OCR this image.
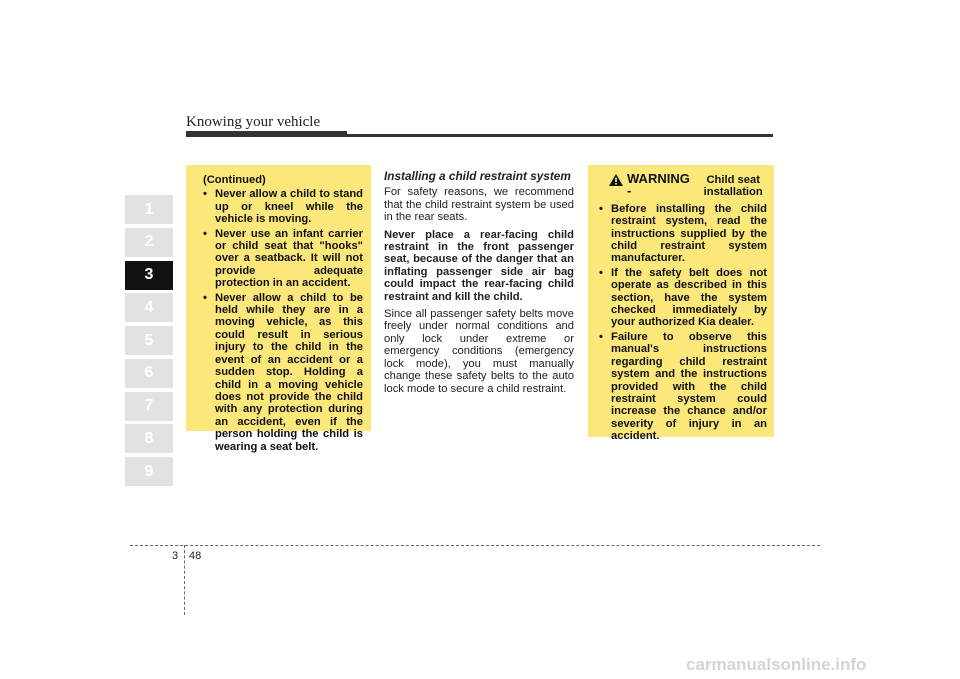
Knowing your vehicle
1
2
3
4
5
6
7
8
9

(Continued)

• Never allow a child to stand up or kneel while the vehicle is moving.
• Never use an infant carrier or child seat that "hooks" over a seatback. It will not provide adequate protection in an accident.
• Never allow a child to be held while they are in a moving vehicle, as this could result in serious injury to the child in the event of an accident or a sudden stop. Holding a child in a moving vehicle does not provide the child with any protection during an accident, even if the person holding the child is wearing a seat belt.

Installing a child restraint system

For safety reasons, we recommend that the child restraint system be used in the rear seats.

Never place a rear-facing child restraint in the front passenger seat, because of the danger that an inflating passenger side air bag could impact the rear-facing child restraint and kill the child.

Since all passenger safety belts move freely under normal conditions and only lock under extreme or emergency conditions (emergency lock mode), you must manually change these safety belts to the auto lock mode to secure a child restraint.

WARNING -
Child seat installation
• Before installing the child restraint system, read the instructions supplied by the child restraint system manufacturer.
• If the safety belt does not operate as described in this section, have the system checked immediately by your authorized Kia dealer.
• Failure to observe this manual's instructions regarding child restraint system and the instructions provided with the child restraint system could increase the chance and/or severity of injury in an accident.
3 48
carmanualsonline.info
